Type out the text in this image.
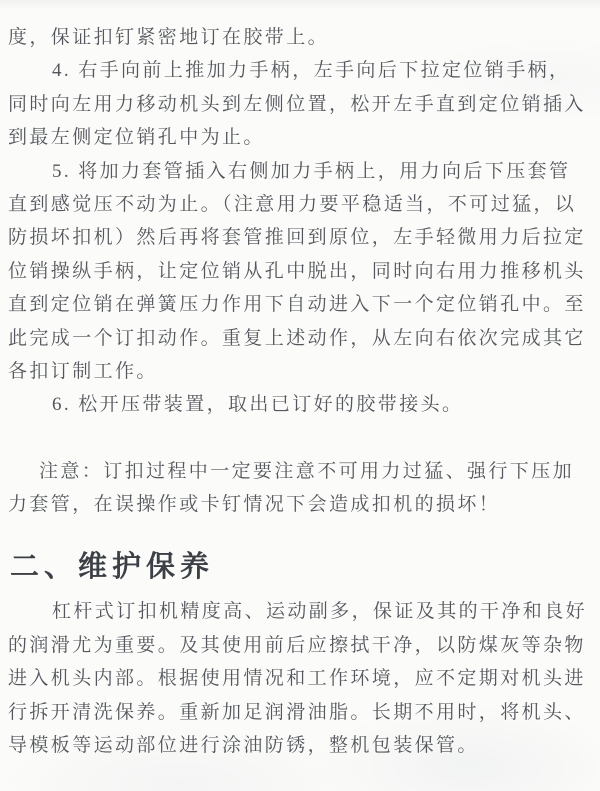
度，保证扣钉紧密地订在胶带上。
4. 右手向前上推加力手柄，左手向后下拉定位销手柄，
同时向左用力移动机头到左侧位置，松开左手直到定位销插入
到最左侧定位销孔中为止。
5. 将加力套管插入右侧加力手柄上，用力向后下压套管
直到感觉压不动为止。（注意用力要平稳适当，不可过猛，以
防损坏扣机）然后再将套管推回到原位，左手轻微用力后拉定
位销操纵手柄，让定位销从孔中脱出，同时向右用力推移机头
直到定位销在弹簧压力作用下自动进入下一个定位销孔中。至
此完成一个订扣动作。重复上述动作，从左向右依次完成其它
各扣订制工作。
6. 松开压带装置，取出已订好的胶带接头。
注意：订扣过程中一定要注意不可用力过猛、强行下压加
力套管，在误操作或卡钉情况下会造成扣机的损坏！
二、维护保养
杠杆式订扣机精度高、运动副多，保证及其的干净和良好
的润滑尤为重要。及其使用前后应擦拭干净，以防煤灰等杂物
进入机头内部。根据使用情况和工作环境，应不定期对机头进
行拆开清洗保养。重新加足润滑油脂。长期不用时，将机头、
导模板等运动部位进行涂油防锈，整机包装保管。
